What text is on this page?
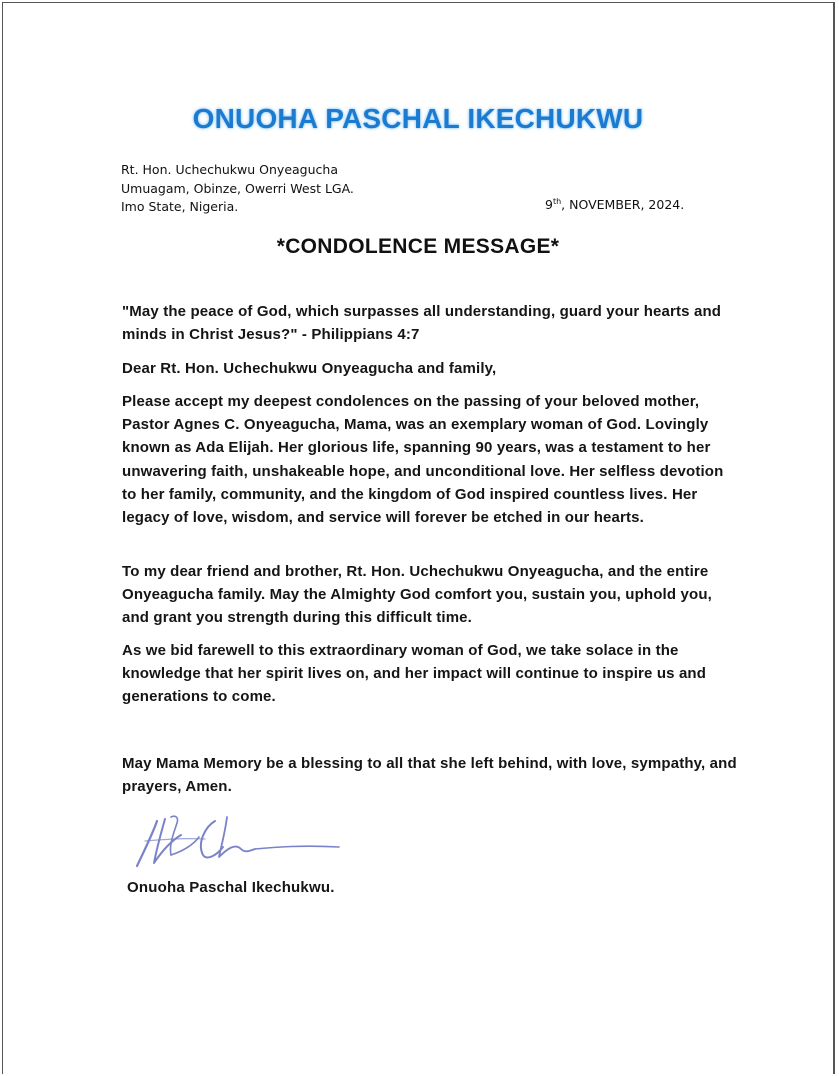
ONUOHA PASCHAL IKECHUKWU
Rt. Hon. Uchechukwu Onyeagucha
Umuagam, Obinze, Owerri West LGA.
Imo State, Nigeria.	9th, NOVEMBER, 2024.
*CONDOLENCE MESSAGE*
"May the peace of God, which surpasses all understanding, guard your hearts and minds in Christ Jesus?" - Philippians 4:7
Dear Rt. Hon. Uchechukwu Onyeagucha and family,
Please accept my deepest condolences on the passing of your beloved mother, Pastor Agnes C. Onyeagucha, Mama, was an exemplary woman of God. Lovingly known as Ada Elijah. Her glorious life, spanning 90 years, was a testament to her unwavering faith, unshakeable hope, and unconditional love. Her selfless devotion to her family, community, and the kingdom of God inspired countless lives. Her legacy of love, wisdom, and service will forever be etched in our hearts.
To my dear friend and brother, Rt. Hon. Uchechukwu Onyeagucha, and the entire Onyeagucha family. May the Almighty God comfort you, sustain you, uphold you, and grant you strength during this difficult time.
As we bid farewell to this extraordinary woman of God, we take solace in the knowledge that her spirit lives on, and her impact will continue to inspire us and generations to come.
May Mama Memory be a blessing to all that she left behind, with love, sympathy, and prayers, Amen.
Onuoha Paschal Ikechukwu.
